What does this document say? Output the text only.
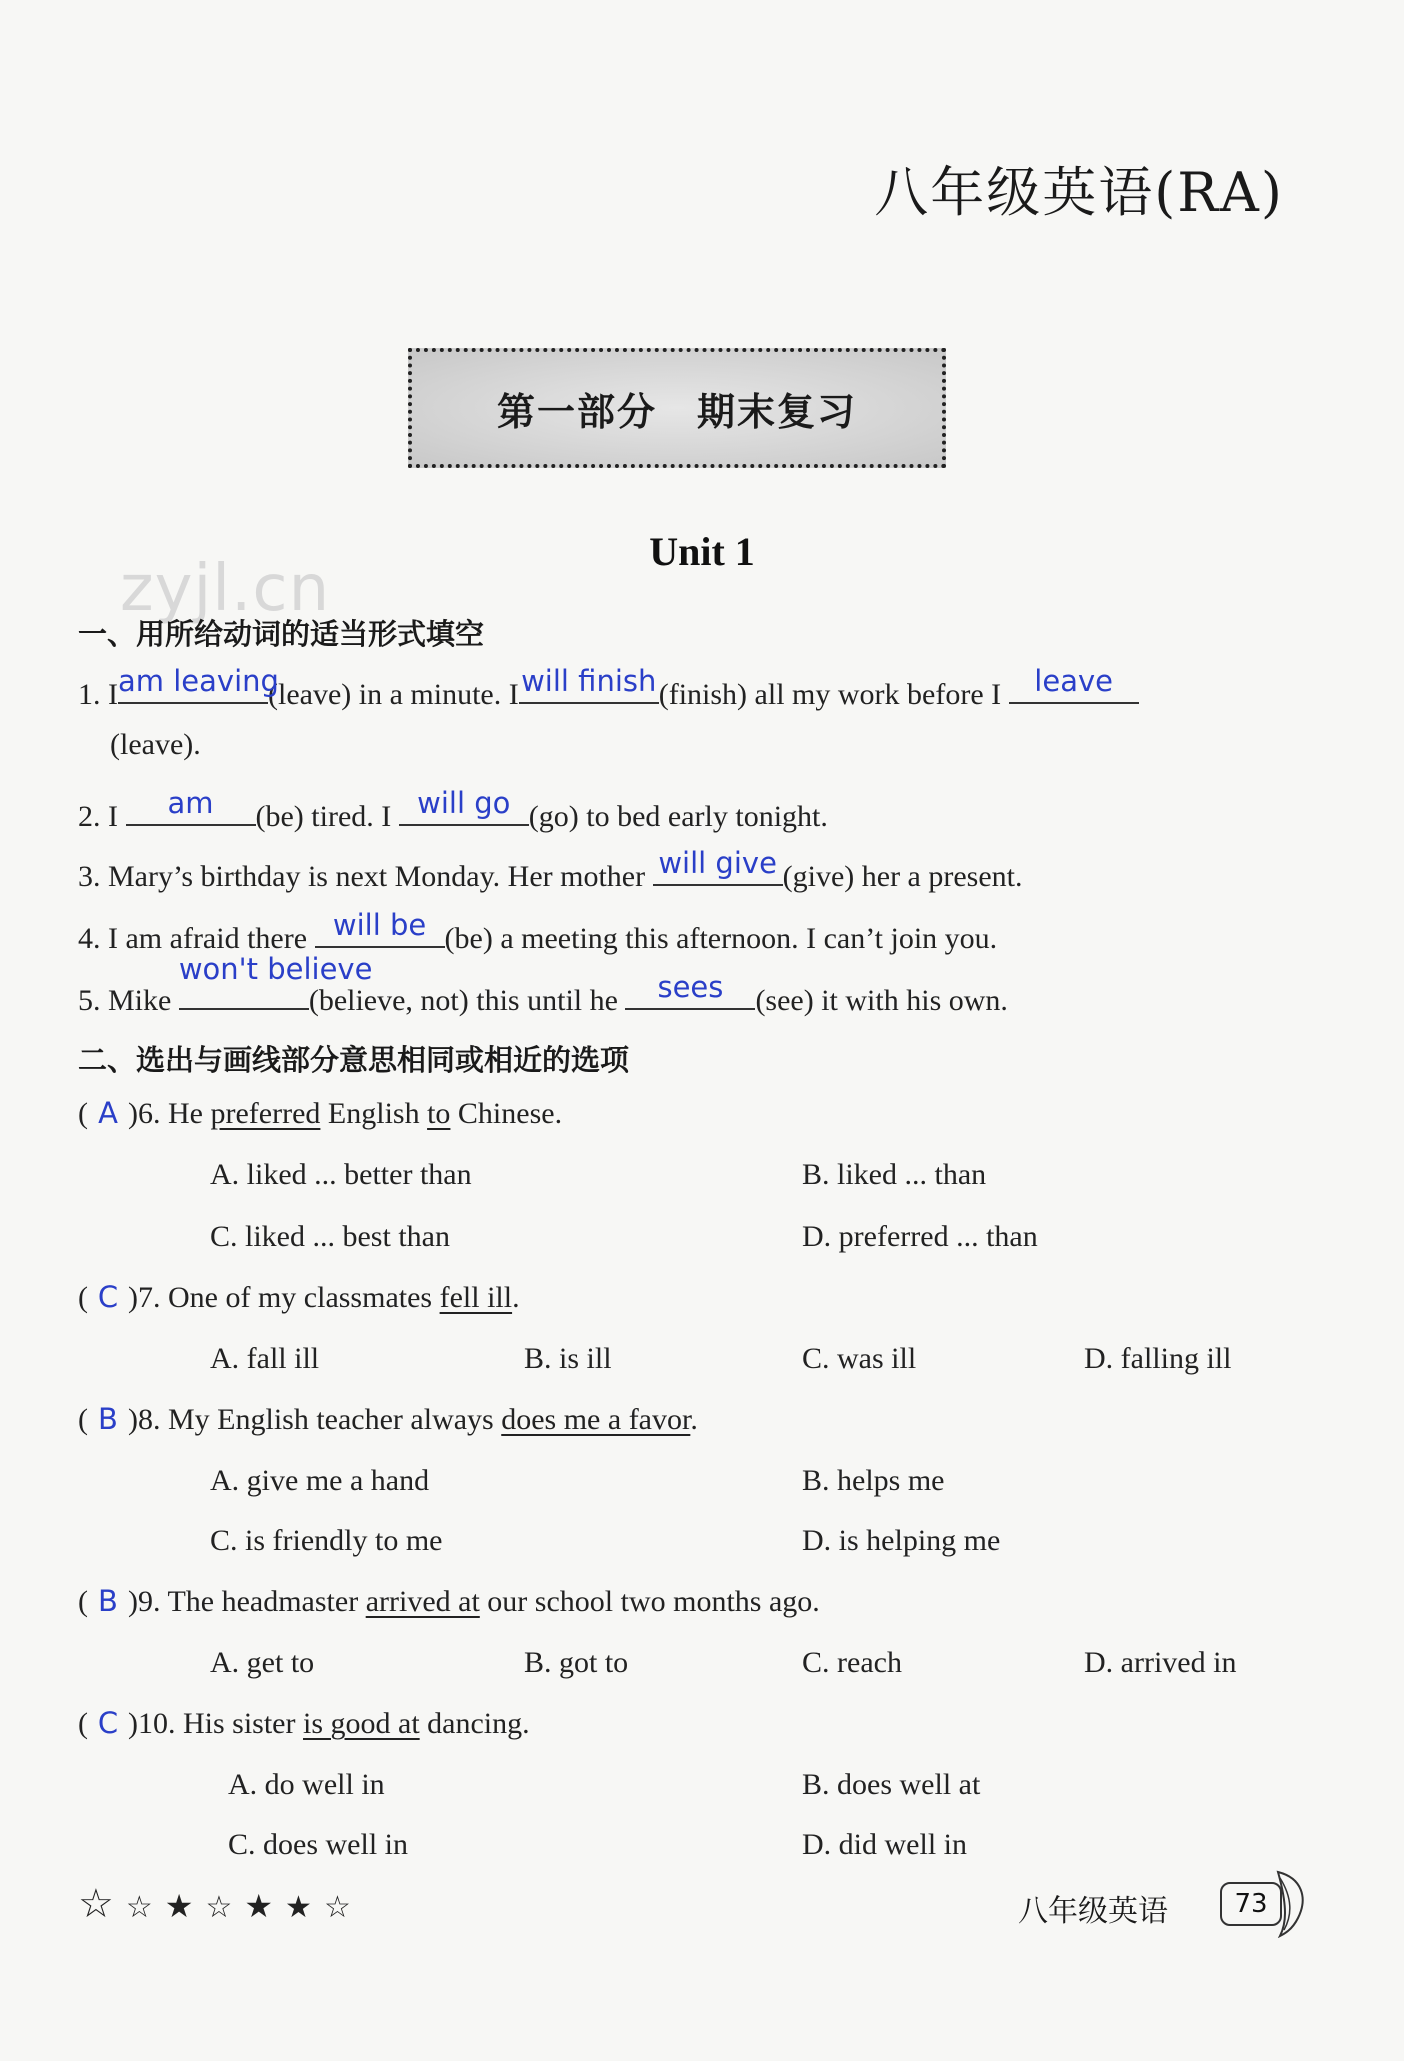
八年级英语(RA)
第一部分　期末复习
zyjl.cn
Unit 1
一、用所给动词的适当形式填空
1. I am leaving
(leave) in a minute. I will finish (finish) all my work before I	leave
(leave).
2. I	am	(be) tired. I will go (go) to bed early tonight.
3. Mary’s birthday is next Monday. Her mother will give (give) her a present.
4. I am afraid there will be (be) a meeting this afternoon. I can’t join you.
5. Mike
won't believe
(believe, not) this until he	sees	(see) it with his own.
二、选出与画线部分意思相同或相近的选项
( A )6. He preferred English to Chinese.
A. liked ... better than	B. liked ... than
C. liked ... best than	D. preferred ... than
( C )7. One of my classmates fell ill.
A. fall ill	B. is ill	C. was ill	D. falling ill
( B )8. My English teacher always does me a favor.
A. give me a hand	B. helps me
C. is friendly to me	D. is helping me
( B )9. The headmaster arrived at our school two months ago.
A. get to	B. got to	C. reach	D. arrived in
( C )10. His sister is good at dancing.
A. do well in	B. does well at
C. does well in	D. did well in
☆ ☆ ★ ☆ ★ ★ ☆	八年级英语	73
